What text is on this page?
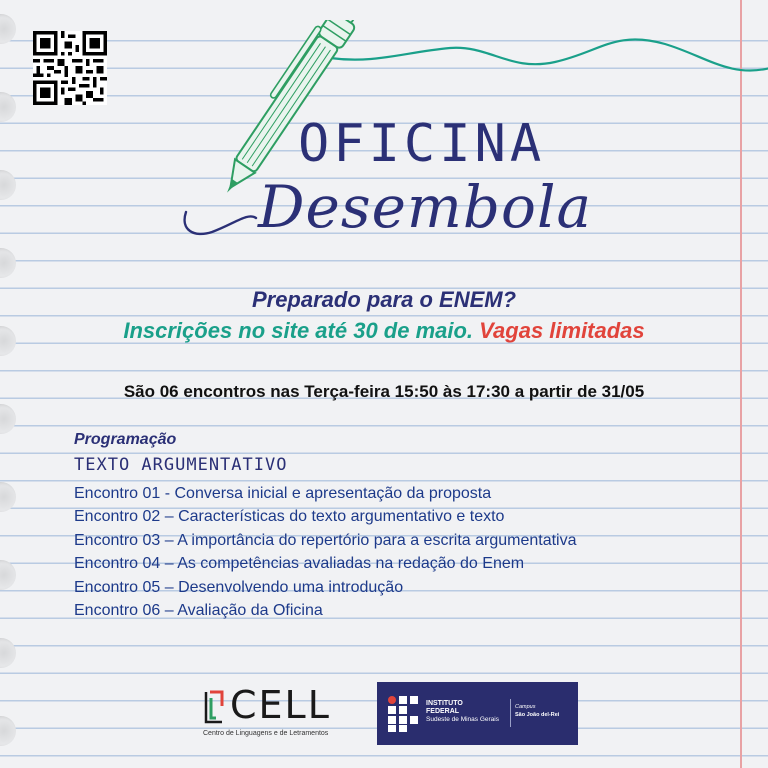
OFICINA
Desembola
Preparado para o ENEM?
Inscrições no site até 30 de maio. Vagas limitadas
São 06 encontros nas Terça-feira 15:50 às 17:30 a partir de 31/05
Programação
TEXTO ARGUMENTATIVO
Encontro 01 - Conversa inicial e apresentação da proposta
Encontro 02 – Características do texto argumentativo e texto
Encontro 03 – A importância do repertório para a escrita argumentativa
Encontro 04 – As competências avaliadas na redação do Enem
Encontro 05 – Desenvolvendo uma introdução
Encontro 06 – Avaliação da Oficina
CELL
Centro de Linguagens e de Letramentos
INSTITUTO
FEDERAL
Sudeste de Minas Gerais
Campus
São João del-Rei
